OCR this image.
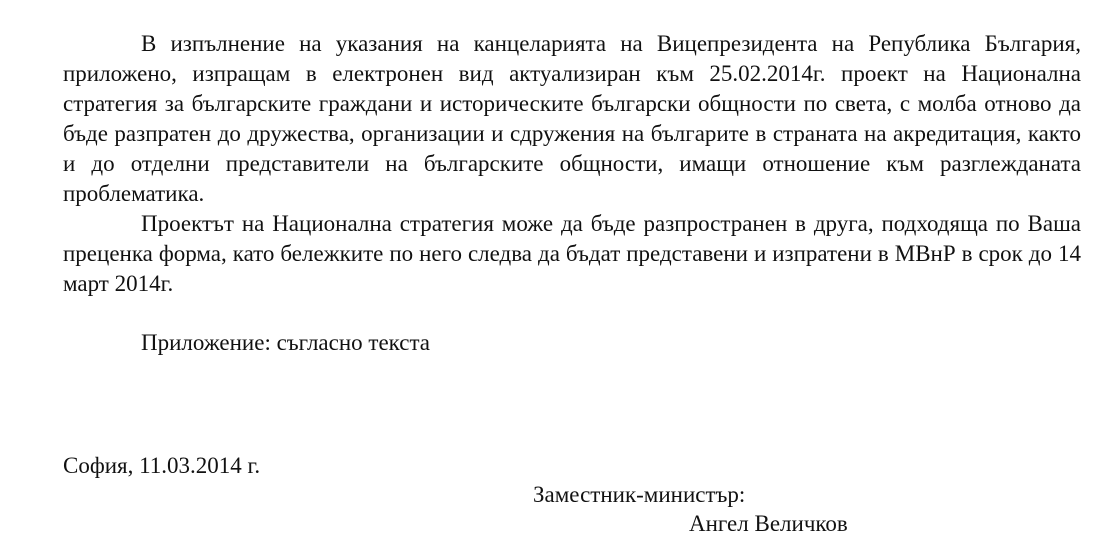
В изпълнение на указания на канцеларията на Вицепрезидента на Република България, приложено, изпращам в електронен вид актуализиран към 25.02.2014г. проект на Национална стратегия за българските граждани и историческите български общности по света, с молба отново да бъде разпратен до дружества, организации и сдружения на българите в страната на акредитация, както и до отделни представители на българските общности, имащи отношение към разглежданата проблематика.

Проектът на Национална стратегия може да бъде разпространен в друга, подходяща по Ваша преценка форма, като бележките по него следва да бъдат представени и изпратени в МВнР в срок до 14 март 2014г.

Приложение: съгласно текста
София, 11.03.2014 г.
Заместник-министър:
Ангел Величков
